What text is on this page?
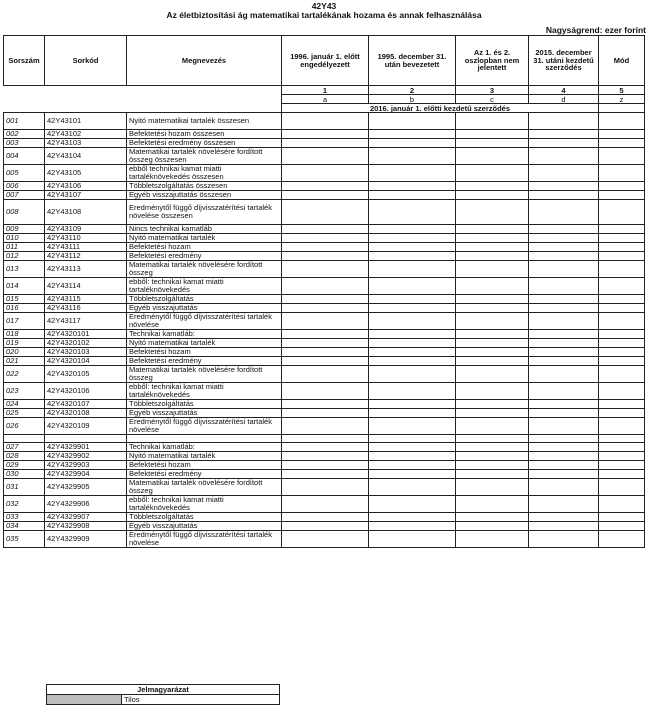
42Y43
Az életbiztosítási ág matematikai tartalékának hozama és annak felhasználása
Nagyságrend: ezer forint
Sorszám	Sorkód	Megnevezés	1996. január 1. előtt engedélyezett	1995. december 31. után bevezetett	Az 1. és 2. oszlopban nem jelentett	2015. december 31. utáni kezdetű szerződés	Mód
			1	2	3	4	5
			a	b	c	d	z
			2016. január 1. előtti kezdetű szerződés				
001	42Y43101	Nyitó matematikai tartalék összesen					
002	42Y43102	Befektetési hozam összesen					
003	42Y43103	Befektetési eredmény összesen					
004	42Y43104	Matematikai tartalék növelésére fordított összeg összesen					
005	42Y43105	ebből technikai kamat miatti tartaléknövekedés összesen					
006	42Y43106	Többletszolgáltatás összesen					
007	42Y43107	Egyéb visszajuttatás összesen					
008	42Y43108	Eredménytől függő díjvisszatérítési tartalék növelése összesen					
009	42Y43109	Nincs technikai kamatláb					
010	42Y43110	Nyitó matematikai tartalék					
011	42Y43111	Befektetési hozam					
012	42Y43112	Befektetési eredmény					
013	42Y43113	Matematikai tartalék növelésére fordított összeg					
014	42Y43114	ebből: technikai kamat miatti tartaléknövekedés					
015	42Y43115	Többletszolgáltatás					
016	42Y43116	Egyéb visszajuttatás					
017	42Y43117	Eredménytől függő díjvisszatérítési tartalék növelése					
018	42Y4320101	Technikai kamatláb:					
019	42Y4320102	Nyitó matematikai tartalék					
020	42Y4320103	Befektetési hozam					
021	42Y4320104	Befektetési eredmény					
022	42Y4320105	Matematikai tartalék növelésére fordított összeg					
023	42Y4320106	ebből: technikai kamat miatti tartaléknövekedés					
024	42Y4320107	Többletszolgáltatás					
025	42Y4320108	Egyéb visszajuttatás					
026	42Y4320109	Eredménytől függő díjvisszatérítési tartalék növelése					

027	42Y4329901	Technikai kamatláb:					
028	42Y4329902	Nyitó matematikai tartalék					
029	42Y4329903	Befektetési hozam					
030	42Y4329904	Befektetési eredmény					
031	42Y4329905	Matematikai tartalék növelésére fordított összeg					
032	42Y4329906	ebből: technikai kamat miatti tartaléknövekedés					
033	42Y4329907	Többletszolgáltatás					
034	42Y4329908	Egyéb visszajuttatás					
035	42Y4329909	Eredménytől függő díjvisszatérítési tartalék növelése					
Jelmagyarázat
	Tilos
